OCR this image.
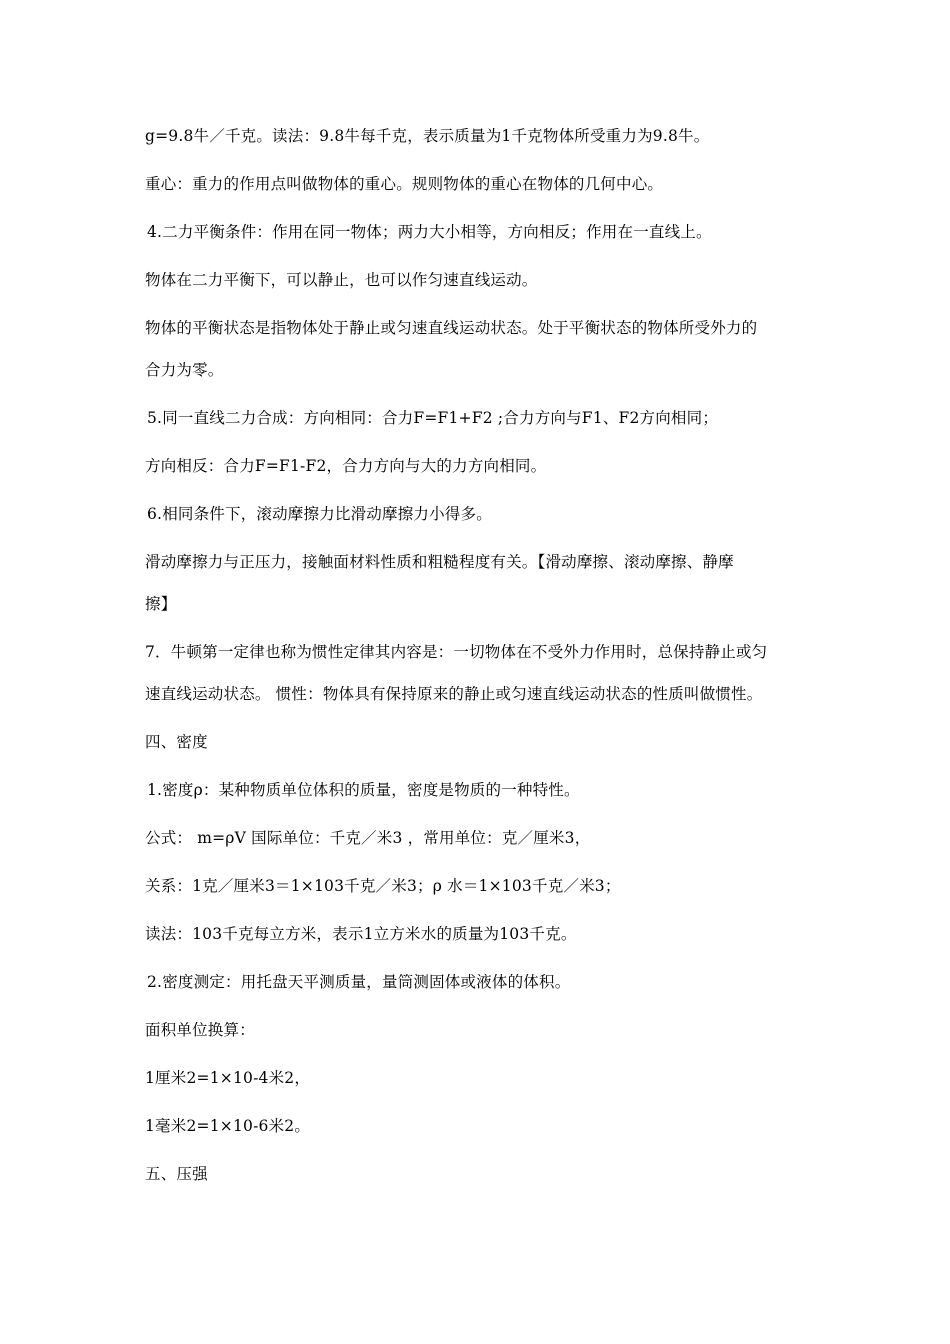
g=9.8牛／千克。读法：9.8牛每千克，表示质量为1千克物体所受重力为9.8牛。
重心：重力的作用点叫做物体的重心。规则物体的重心在物体的几何中心。
4.二力平衡条件：作用在同一物体；两力大小相等，方向相反；作用在一直线上。
物体在二力平衡下，可以静止，也可以作匀速直线运动。
物体的平衡状态是指物体处于静止或匀速直线运动状态。处于平衡状态的物体所受外力的
合力为零。
5.同一直线二力合成：方向相同：合力F=F1+F2 ;合力方向与F1、F2方向相同；
方向相反：合力F=F1-F2，合力方向与大的力方向相同。
6.相同条件下，滚动摩擦力比滑动摩擦力小得多。
滑动摩擦力与正压力，接触面材料性质和粗糙程度有关。【滑动摩擦、滚动摩擦、静摩
擦】
7．牛顿第一定律也称为惯性定律其内容是：一切物体在不受外力作用时，总保持静止或匀
速直线运动状态。 惯性：物体具有保持原来的静止或匀速直线运动状态的性质叫做惯性。
四、密度
1.密度ρ：某种物质单位体积的质量，密度是物质的一种特性。
公式： m=ρV 国际单位：千克／米3 ，常用单位：克／厘米3，
关系：1克／厘米3＝1×103千克／米3；ρ 水＝1×103千克／米3；
读法：103千克每立方米，表示1立方米水的质量为103千克。
2.密度测定：用托盘天平测质量，量筒测固体或液体的体积。
面积单位换算：
1厘米2=1×10-4米2，
1毫米2=1×10-6米2。
五、压强
